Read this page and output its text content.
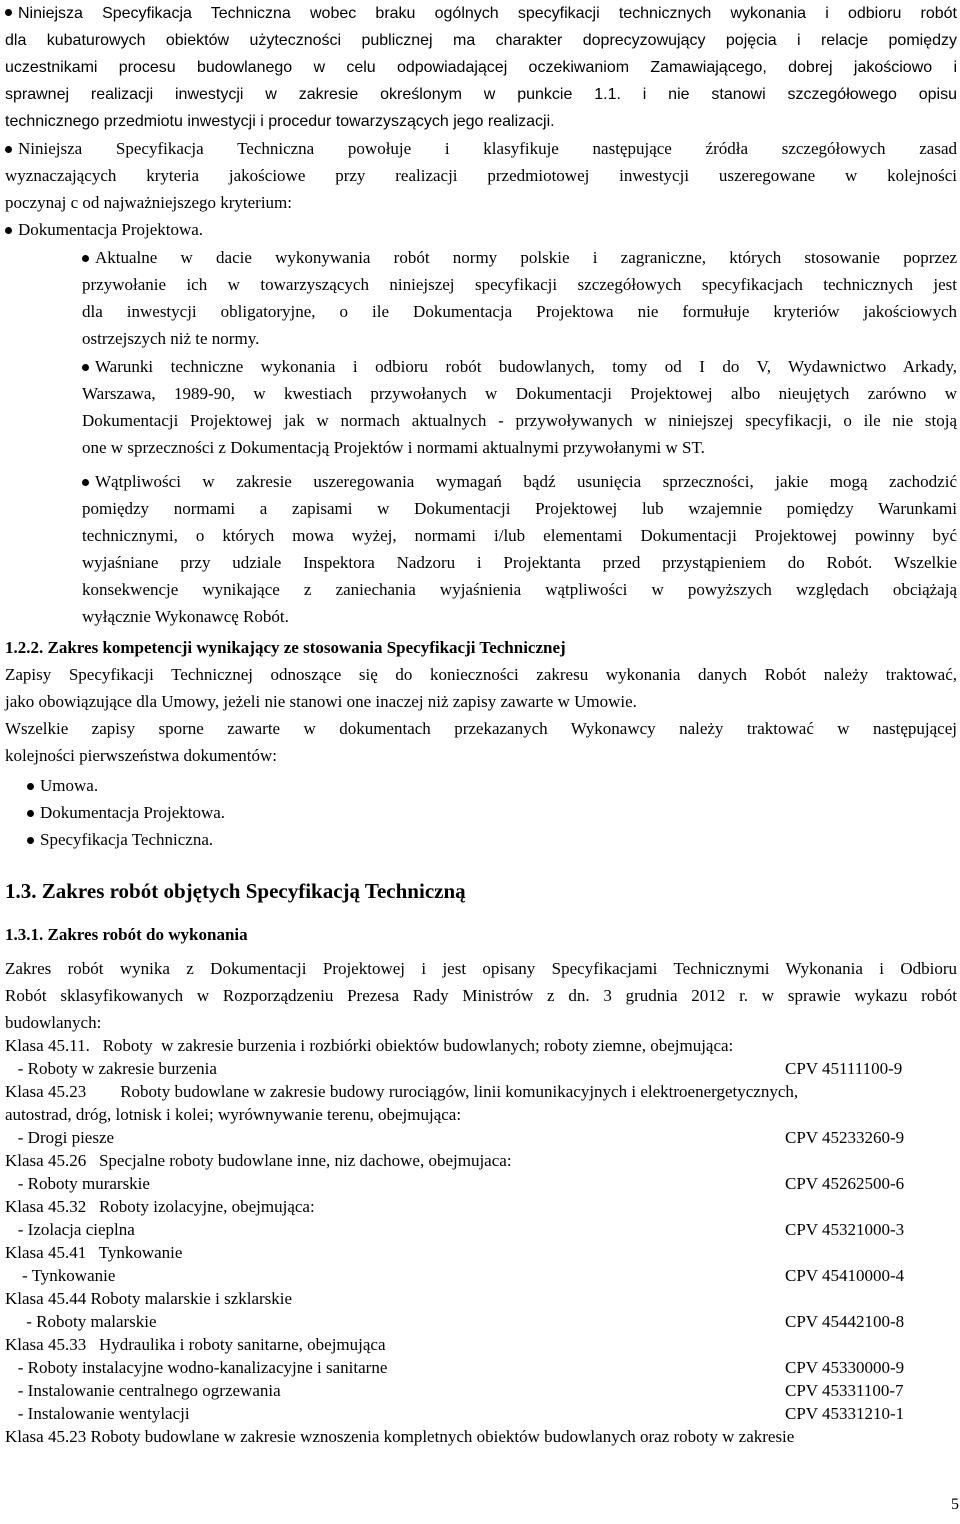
Niniejsza Specyfikacja Techniczna wobec braku ogólnych specyfikacji technicznych wykonania i odbioru robót
dla kubaturowych obiektów użyteczności publicznej ma charakter doprecyzowujący pojęcia i relacje pomiędzy
uczestnikami procesu budowlanego w celu odpowiadającej oczekiwaniom Zamawiającego, dobrej jakościowo i
sprawnej realizacji inwestycji w zakresie określonym w punkcie 1.1. i nie stanowi szczegółowego opisu
technicznego przedmiotu inwestycji i procedur towarzyszących jego realizacji.
Niniejsza Specyfikacja Techniczna powołuje i klasyfikuje następujące źródła szczegółowych zasad
wyznaczających kryteria jakościowe przy realizacji przedmiotowej inwestycji uszeregowane w kolejności
poczynaj c od najważniejszego kryterium:
Dokumentacja Projektowa.
Aktualne w dacie wykonywania robót normy polskie i zagraniczne, których stosowanie poprzez
przywołanie ich w towarzyszących niniejszej specyfikacji szczegółowych specyfikacjach technicznych jest
dla inwestycji obligatoryjne, o ile Dokumentacja Projektowa nie formułuje kryteriów jakościowych
ostrzejszych niż te normy.
Warunki techniczne wykonania i odbioru robót budowlanych, tomy od I do V, Wydawnictwo Arkady,
Warszawa, 1989-90, w kwestiach przywołanych w Dokumentacji Projektowej albo nieujętych zarówno w
Dokumentacji Projektowej jak w normach aktualnych - przywoływanych w niniejszej specyfikacji, o ile nie stoją
one w sprzeczności z Dokumentacją Projektów i normami aktualnymi przywołanymi w ST.
Wątpliwości w zakresie uszeregowania wymagań bądź usunięcia sprzeczności, jakie mogą zachodzić
pomiędzy normami a zapisami w Dokumentacji Projektowej lub wzajemnie pomiędzy Warunkami
technicznymi, o których mowa wyżej, normami i/lub elementami Dokumentacji Projektowej powinny być
wyjaśniane przy udziale Inspektora Nadzoru i Projektanta przed przystąpieniem do Robót. Wszelkie
konsekwencje wynikające z zaniechania wyjaśnienia wątpliwości w powyższych względach obciążają
wyłącznie Wykonawcę Robót.
1.2.2. Zakres kompetencji wynikający ze stosowania Specyfikacji Technicznej
Zapisy Specyfikacji Technicznej odnoszące się do konieczności zakresu wykonania danych Robót należy traktować,
jako obowiązujące dla Umowy, jeżeli nie stanowi one inaczej niż zapisy zawarte w Umowie.
Wszelkie zapisy sporne zawarte w dokumentach przekazanych Wykonawcy należy traktować w następującej
kolejności pierwszeństwa dokumentów:
Umowa.
Dokumentacja Projektowa.
Specyfikacja Techniczna.
1.3. Zakres robót objętych Specyfikacją Techniczną
1.3.1. Zakres robót do wykonania
Zakres robót wynika z Dokumentacji Projektowej i jest opisany Specyfikacjami Technicznymi Wykonania i Odbioru
Robót sklasyfikowanych w Rozporządzeniu Prezesa Rady Ministrów z dn. 3 grudnia 2012 r. w sprawie wykazu robót
budowlanych:
Klasa 45.11.   Roboty  w zakresie burzenia i rozbiórki obiektów budowlanych; roboty ziemne, obejmująca:
- Roboty w zakresie burzenia	CPV 45111100-9
Klasa 45.23        Roboty budowlane w zakresie budowy rurociągów, linii komunikacyjnych i elektroenergetycznych,
autostrad, dróg, lotnisk i kolei; wyrównywanie terenu, obejmująca:
- Drogi piesze	CPV 45233260-9
Klasa 45.26   Specjalne roboty budowlane inne, niz dachowe, obejmujaca:
- Roboty murarskie	CPV 45262500-6
Klasa 45.32   Roboty izolacyjne, obejmująca:
- Izolacja cieplna	CPV 45321000-3
Klasa 45.41   Tynkowanie
- Tynkowanie	CPV 45410000-4
Klasa 45.44 Roboty malarskie i szklarskie
- Roboty malarskie	CPV 45442100-8
Klasa 45.33   Hydraulika i roboty sanitarne, obejmująca
- Roboty instalacyjne wodno-kanalizacyjne i sanitarne	CPV 45330000-9
- Instalowanie centralnego ogrzewania	CPV 45331100-7
- Instalowanie wentylacji	CPV 45331210-1
Klasa 45.23 Roboty budowlane w zakresie wznoszenia kompletnych obiektów budowlanych oraz roboty w zakresie
5
